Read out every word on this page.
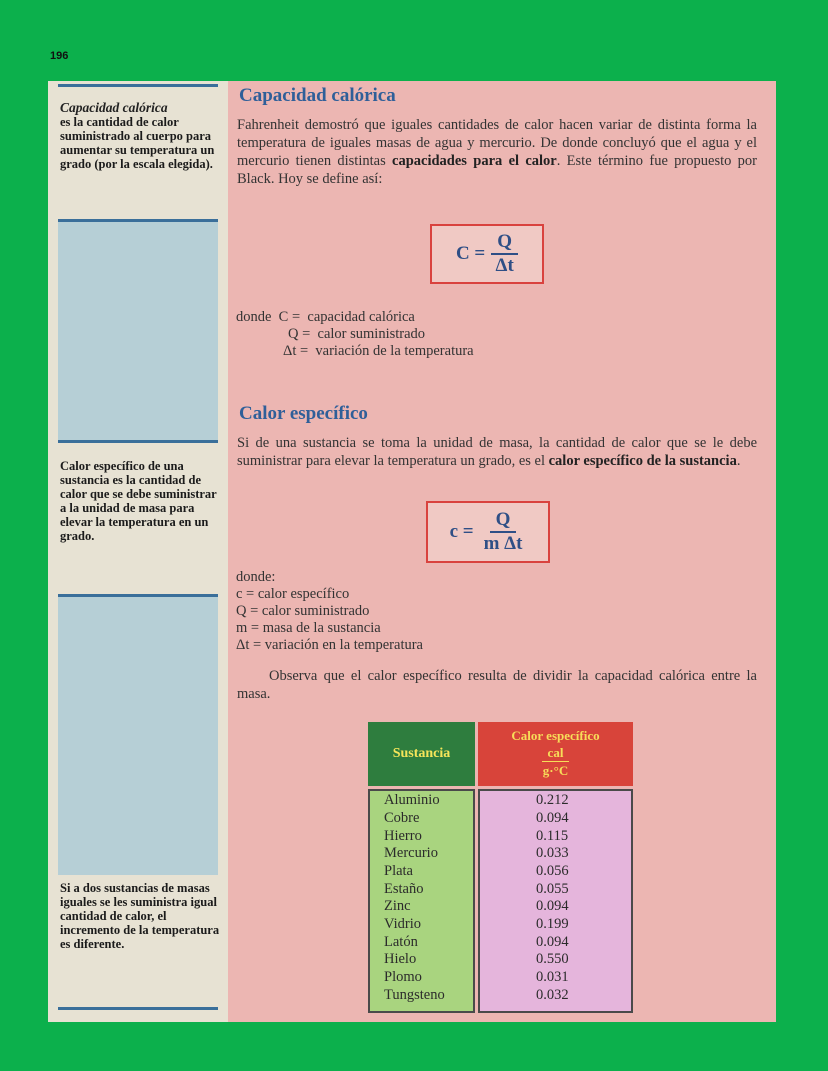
196
Capacidad calórica
es la cantidad de calor suministrado al cuerpo para aumentar su temperatura un grado (por la escala elegida).
Calor específico de una sustancia es la cantidad de calor que se debe suministrar a la unidad de masa para elevar la temperatura en un grado.
Si a dos sustancias de masas iguales se les suministra igual cantidad de calor, el incremento de la temperatura es diferente.
Capacidad calórica
Fahrenheit demostró que iguales cantidades de calor hacen variar de distinta forma la temperatura de iguales masas de agua y mercurio. De donde concluyó que el agua y el mercurio tienen distintas capacidades para el calor. Este término fue propuesto por Black. Hoy se define así:
$C = \frac{Q}{\Delta t}$
donde  C =  capacidad calórica
Q =  calor suministrado
Δt =  variación de la temperatura
Calor específico
Si de una sustancia se toma la unidad de masa, la cantidad de calor que se le debe suministrar para elevar la temperatura un grado, es el calor específico de la sustancia.
$c = \frac{Q}{\text{m Δt}}$
donde:
c = calor específico
Q = calor suministrado
m = masa de la sustancia
Δt = variación en la temperatura
Observa que el calor específico resulta de dividir la capacidad calórica entre la masa.
Sustancia
Calor específico
cal
g·°C
Aluminio
Cobre
Hierro
Mercurio
Plata
Estaño
Zinc
Vidrio
Latón
Hielo
Plomo
Tungsteno
0.212
0.094
0.115
0.033
0.056
0.055
0.094
0.199
0.094
0.550
0.031
0.032
